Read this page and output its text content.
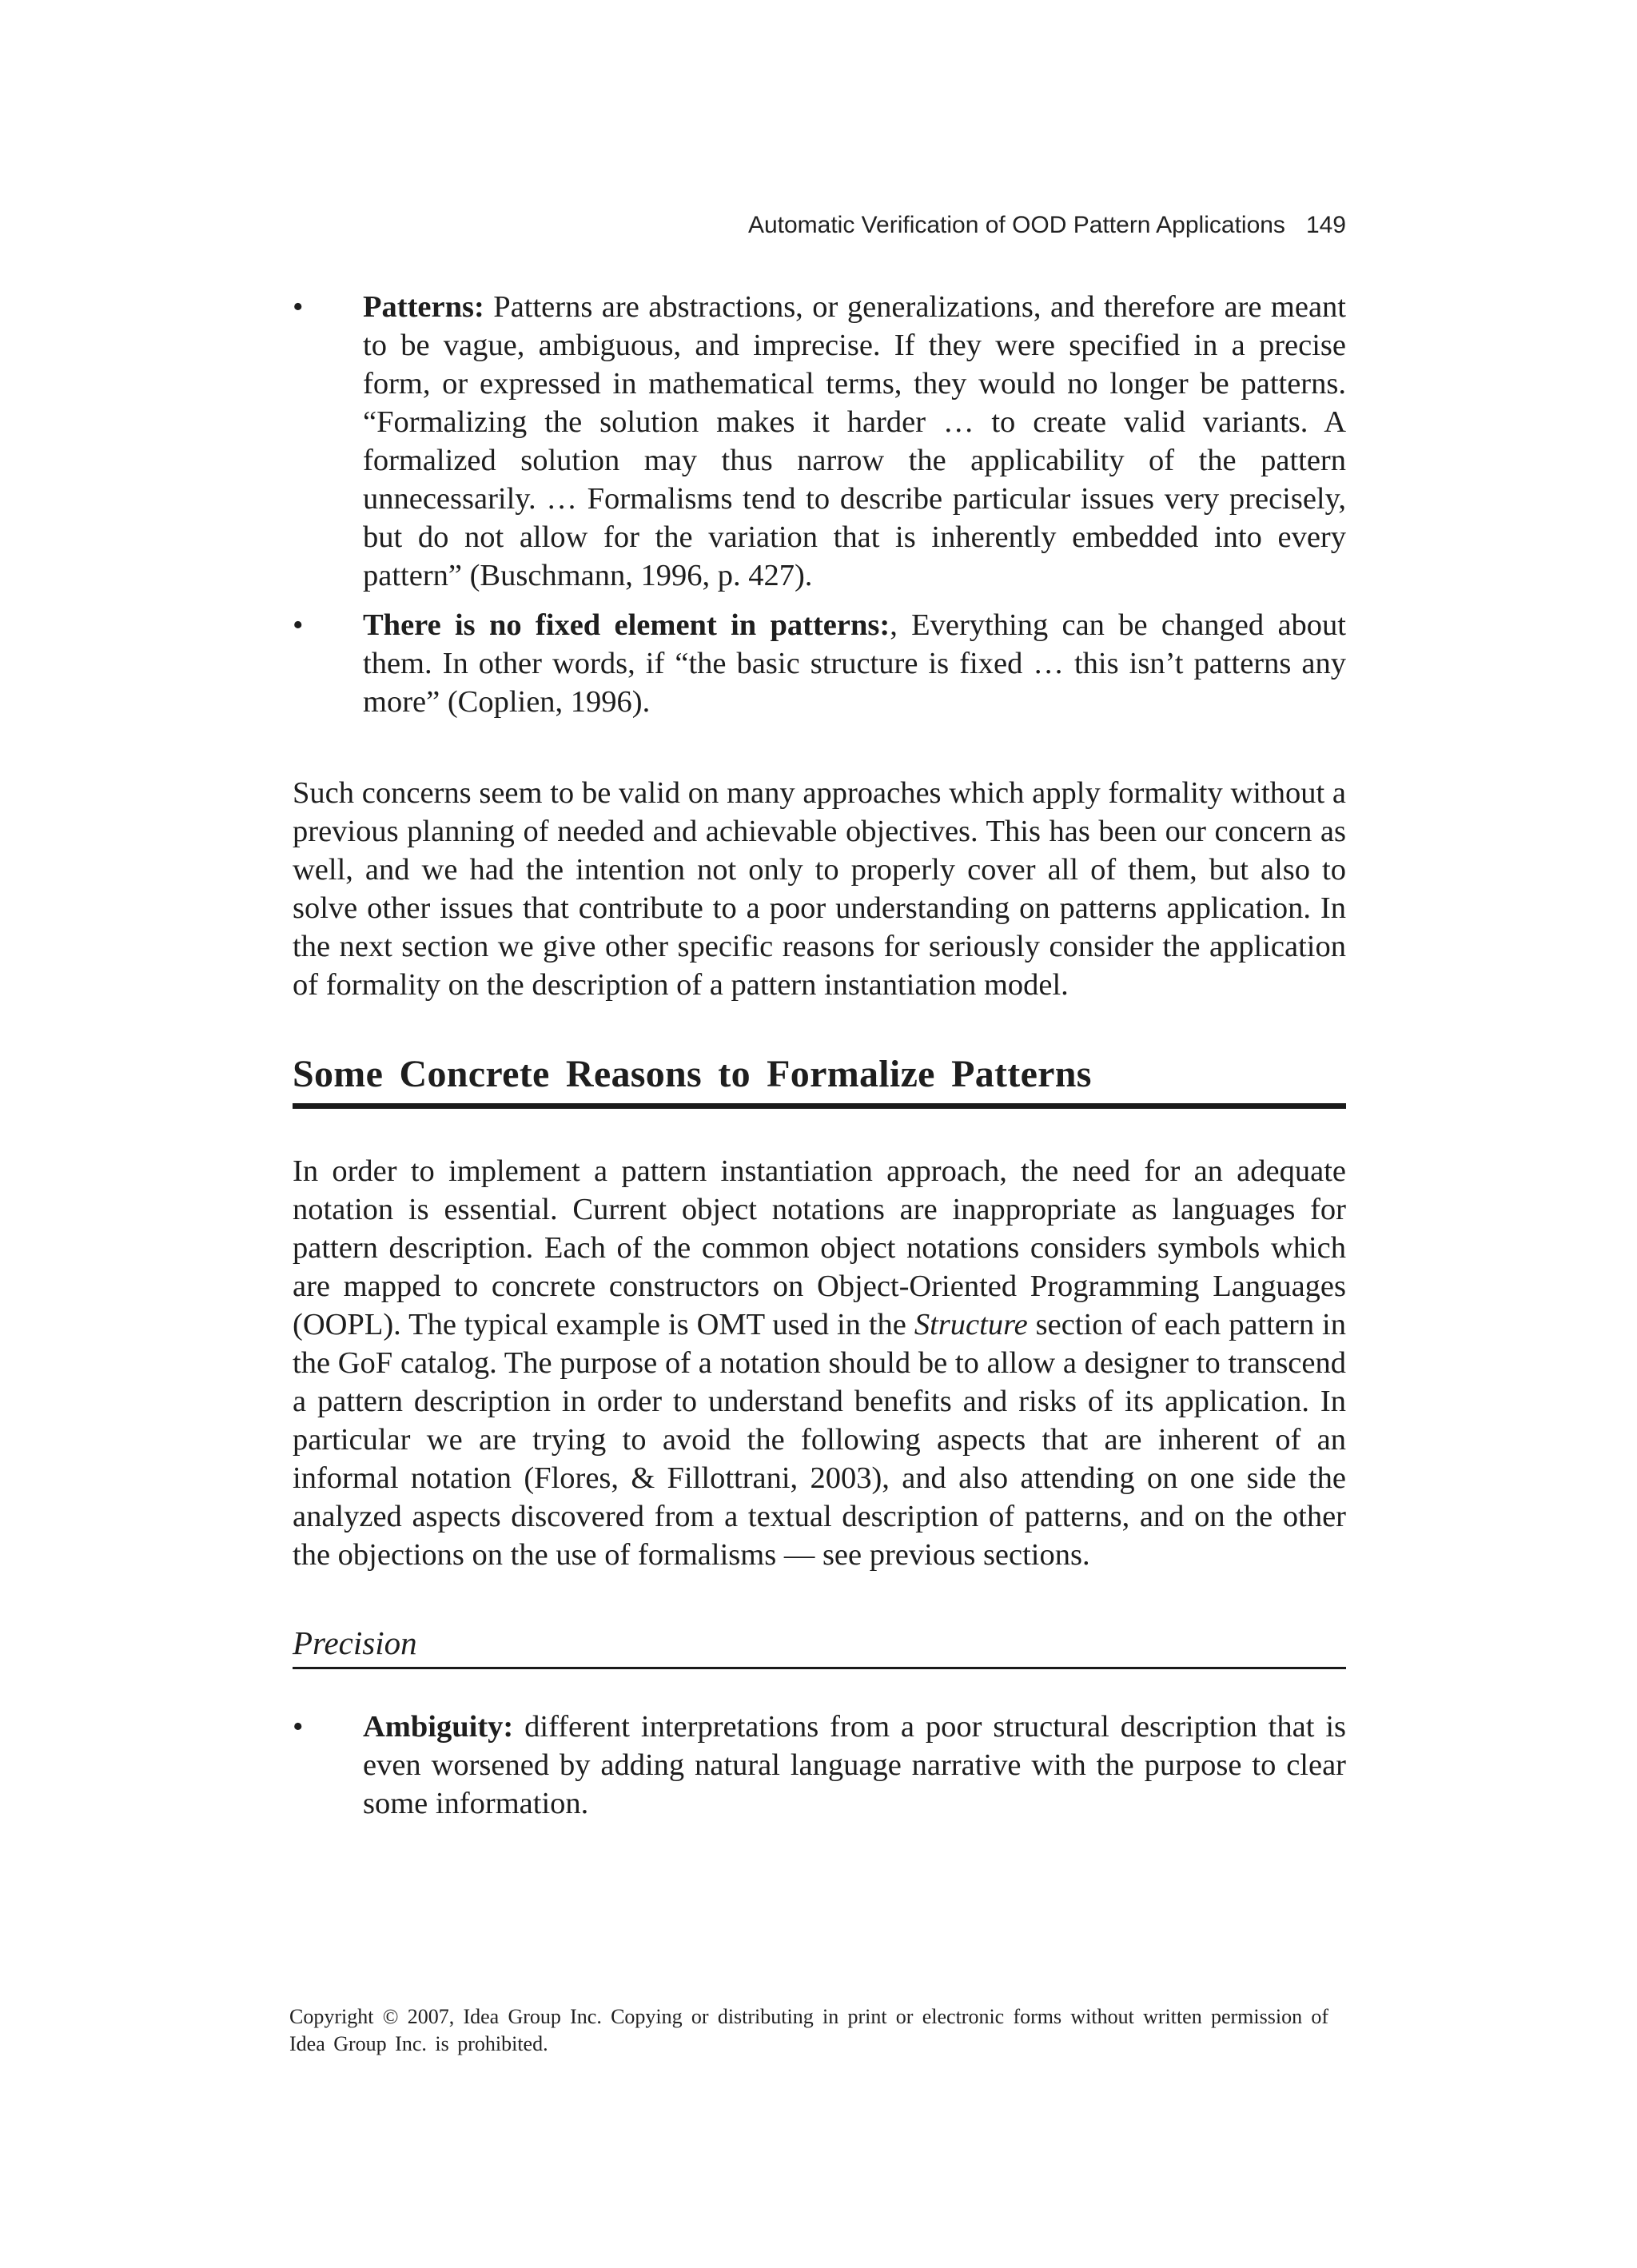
Automatic Verification of OOD Pattern Applications 149
• Patterns: Patterns are abstractions, or generalizations, and therefore are meant to be vague, ambiguous, and imprecise. If they were specified in a precise form, or expressed in mathematical terms, they would no longer be patterns. “Formalizing the solution makes it harder … to create valid variants. A formalized solution may thus narrow the applicability of the pattern unnecessarily. … Formalisms tend to describe particular issues very precisely, but do not allow for the variation that is inherently embedded into every pattern” (Buschmann, 1996, p. 427).
• There is no fixed element in patterns:, Everything can be changed about them. In other words, if “the basic structure is fixed … this isn’t patterns any more” (Coplien, 1996).

Such concerns seem to be valid on many approaches which apply formality without a previous planning of needed and achievable objectives. This has been our concern as well, and we had the intention not only to properly cover all of them, but also to solve other issues that contribute to a poor understanding on patterns application. In the next section we give other specific reasons for seriously consider the application of formality on the description of a pattern instantiation model.

Some Concrete Reasons to Formalize Patterns

In order to implement a pattern instantiation approach, the need for an adequate notation is essential. Current object notations are inappropriate as languages for pattern description. Each of the common object notations considers symbols which are mapped to concrete constructors on Object-Oriented Programming Languages (OOPL). The typical example is OMT used in the Structure section of each pattern in the GoF catalog. The purpose of a notation should be to allow a designer to transcend a pattern description in order to understand benefits and risks of its application. In particular we are trying to avoid the following aspects that are inherent of an informal notation (Flores, & Fillottrani, 2003), and also attending on one side the analyzed aspects discovered from a textual description of patterns, and on the other the objections on the use of formalisms — see previous sections.

Precision
• Ambiguity: different interpretations from a poor structural description that is even worsened by adding natural language narrative with the purpose to clear some information.
Copyright © 2007, Idea Group Inc. Copying or distributing in print or electronic forms without written permission of Idea Group Inc. is prohibited.
